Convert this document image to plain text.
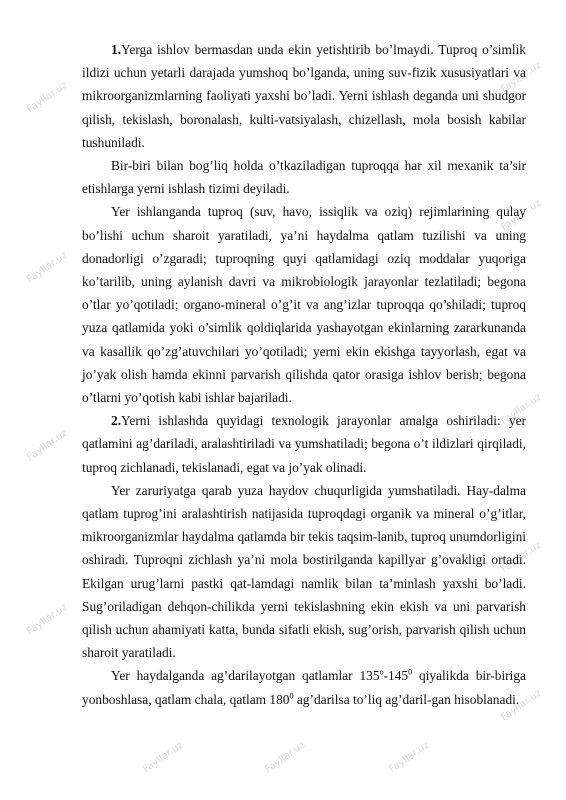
Fayllar.uz
Fayllar.uz
Fayllar.uz
Fayllar.uz
Fayllar.uz
Fayllar.uz
Fayllar.uz
Fayllar.uz
Fayllar.uz
Fayllar.uz
Fayllar.uz	Fayllar.uz

1.Yerga ishlov bermasdan unda ekin yetishtirib bo’lmaydi. Tuproq o’simlik ildizi uchun yetarli darajada yumshoq bo’lganda, uning suv-fizik xususiyatlari va mikroorganizmlarning faoliyati yaxshi bo’ladi. Yerni ishlash deganda uni shudgor qilish, tekislash, boronalash, kulti-vatsiyalash, chizellash, mola bosish kabilar tushuniladi.

Bir-biri bilan bog’liq holda o’tkaziladigan tuproqqa har xil mexanik ta’sir etishlarga yerni ishlash tizimi deyiladi.

Yer ishlanganda tuproq (suv, havo, issiqlik va oziq) rejimlarining qulay bo’lishi uchun sharoit yaratiladi, ya’ni haydalma qatlam tuzilishi va uning donadorligi o’zgaradi; tuproqning quyi qatlamidagi oziq moddalar yuqoriga ko’tarilib, uning aylanish davri va mikrobiologik jarayonlar tezlatiladi; begona o’tlar yo’qotiladi; organo-mineral o’g’it va ang’izlar tuproqqa qo’shiladi; tuproq yuza qatlamida yoki o’simlik qoldiqlarida yashayotgan ekinlarning zararkunanda va kasallik qo’zg’atuvchilari yo’qotiladi; yerni ekin ekishga tayyorlash, egat va jo’yak olish hamda ekinni parvarish qilishda qator orasiga ishlov berish; begona o’tlarni yo’qotish kabi ishlar bajariladi.

2.Yerni ishlashda quyidagi texnologik jarayonlar amalga oshiriladi: yer qatlamini ag’dariladi, aralashtiriladi va yumshatiladi; begona o’t ildizlari qirqiladi, tuproq zichlanadi, tekislanadi, egat va jo’yak olinadi.

Yer zaruriyatga qarab yuza haydov chuqurligida yumshatiladi. Hay-dalma qatlam tuprog’ini aralashtirish natijasida tuproqdagi organik va mineral o’g’itlar, mikroorganizmlar haydalma qatlamda bir tekis taqsim-lanib, tuproq unumdorligini oshiradi. Tuproqni zichlash ya’ni mola bostirilganda kapillyar g’ovakligi ortadi. Ekilgan urug’larni pastki qat-lamdagi namlik bilan ta’minlash yaxshi bo’ladi. Sug’oriladigan dehqon-chilikda yerni tekislashning ekin ekish va uni parvarish qilish uchun ahamiyati katta, bunda sifatli ekish, sug’orish, parvarish qilish uchun sharoit yaratiladi.

Yer haydalganda ag’darilayotgan qatlamlar $135^o-145^0$ qiyalikda bir-biriga yonboshlasa, qatlam chala, qatlam $180^0$ ag’darilsa to’liq ag’daril-gan hisoblanadi.
